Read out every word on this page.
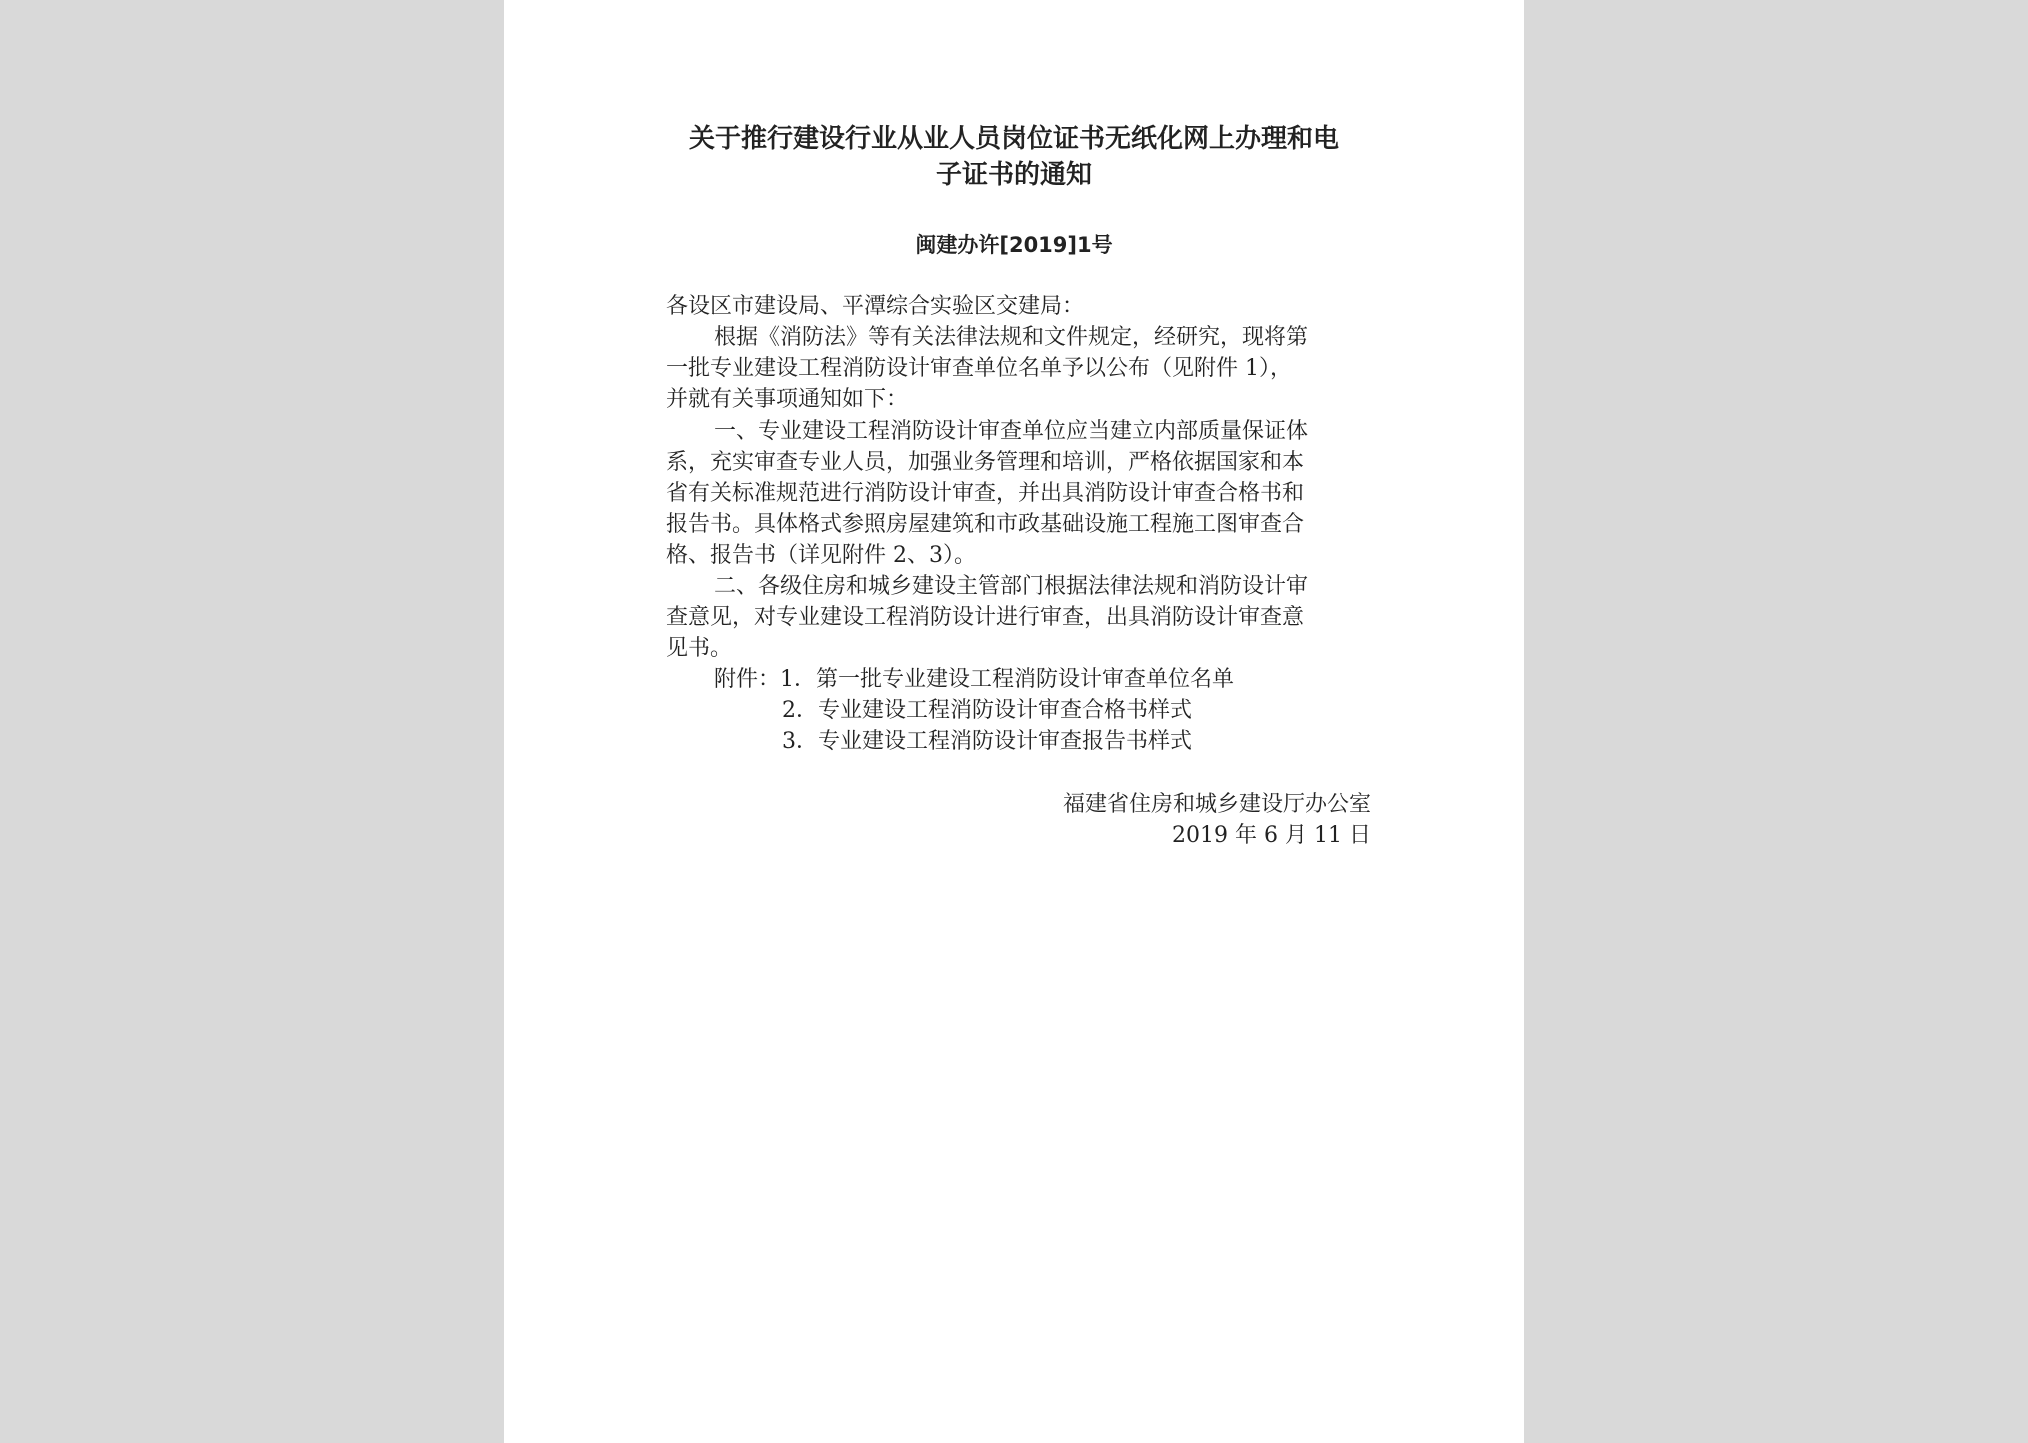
关于推行建设行业从业人员岗位证书无纸化网上办理和电
子证书的通知
闽建办许[2019]1号
各设区市建设局、平潭综合实验区交建局：
根据《消防法》等有关法律法规和文件规定，经研究，现将第
一批专业建设工程消防设计审查单位名单予以公布（见附件 1），
并就有关事项通知如下：
一、专业建设工程消防设计审查单位应当建立内部质量保证体
系，充实审查专业人员，加强业务管理和培训，严格依据国家和本
省有关标准规范进行消防设计审查，并出具消防设计审查合格书和
报告书。具体格式参照房屋建筑和市政基础设施工程施工图审查合
格、报告书（详见附件 2、3）。
二、各级住房和城乡建设主管部门根据法律法规和消防设计审
查意见，对专业建设工程消防设计进行审查，出具消防设计审查意
见书。
附件：1．第一批专业建设工程消防设计审查单位名单
2．专业建设工程消防设计审查合格书样式
3．专业建设工程消防设计审查报告书样式
福建省住房和城乡建设厅办公室
2019 年 6 月 11 日
